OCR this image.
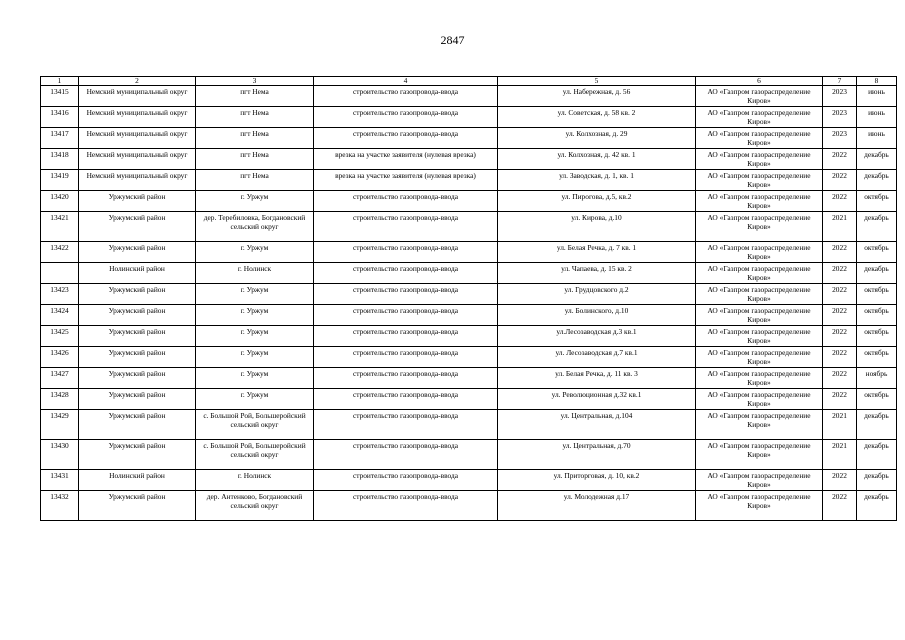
2847
1	2	3	4	5	6	7	8
13415	Немский муниципальный округ	пгт Нема	строительство газопровода-ввода	ул. Набережная, д. 56	АО «Газпром газораспределение Киров»	2023	июнь
13416	Немский муниципальный округ	пгт Нема	строительство газопровода-ввода	ул. Советская, д. 58 кв. 2	АО «Газпром газораспределение Киров»	2023	июнь
13417	Немский муниципальный округ	пгт Нема	строительство газопровода-ввода	ул. Колхозная, д. 29	АО «Газпром газораспределение Киров»	2023	июнь
13418	Немский муниципальный округ	пгт Нема	врезка на участке заявителя (нулевая врезка)	ул. Колхозная, д. 42 кв. 1	АО «Газпром газораспределение Киров»	2022	декабрь
13419	Немский муниципальный округ	пгт Нема	врезка на участке заявителя (нулевая врезка)	ул. Заводская, д. 1, кв. 1	АО «Газпром газораспределение Киров»	2022	декабрь
13420	Уржумский район	г. Уржум	строительство газопровода-ввода	ул. Пирогова, д.5, кв.2	АО «Газпром газораспределение Киров»	2022	октябрь
13421	Уржумский район	дер. Теребиловка, Богдановский сельский округ	строительство газопровода-ввода	ул. Кирова, д.10	АО «Газпром газораспределение Киров»	2021	декабрь
13422	Уржумский район	г. Уржум	строительство газопровода-ввода	ул. Белая Речка, д. 7 кв. 1	АО «Газпром газораспределение Киров»	2022	октябрь
	Нолинский район	г. Нолинск	строительство газопровода-ввода	ул. Чапаева, д. 15 кв. 2	АО «Газпром газораспределение Киров»	2022	декабрь
13423	Уржумский район	г. Уржум	строительство газопровода-ввода	ул. Грудцовского д.2	АО «Газпром газораспределение Киров»	2022	октябрь
13424	Уржумский район	г. Уржум	строительство газопровода-ввода	ул. Болинского, д.10	АО «Газпром газораспределение Киров»	2022	октябрь
13425	Уржумский район	г. Уржум	строительство газопровода-ввода	ул.Лесозаводская д.3 кв.1	АО «Газпром газораспределение Киров»	2022	октябрь
13426	Уржумский район	г. Уржум	строительство газопровода-ввода	ул. Лесозаводская д.7 кв.1	АО «Газпром газораспределение Киров»	2022	октябрь
13427	Уржумский район	г. Уржум	строительство газопровода-ввода	ул. Белая Речка, д. 11 кв. 3	АО «Газпром газораспределение Киров»	2022	ноябрь
13428	Уржумский район	г. Уржум	строительство газопровода-ввода	ул. Революционная д.32 кв.1	АО «Газпром газораспределение Киров»	2022	октябрь
13429	Уржумский район	с. Большой Рой, Большеройский сельский округ	строительство газопровода-ввода	ул. Центральная, д.104	АО «Газпром газораспределение Киров»	2021	декабрь
13430	Уржумский район	с. Большой Рой, Большеройский сельский округ	строительство газопровода-ввода	ул. Центральная, д.70	АО «Газпром газораспределение Киров»	2021	декабрь
13431	Нолинский район	г. Нолинск	строительство газопровода-ввода	ул. Приторговая, д. 10, кв.2	АО «Газпром газораспределение Киров»	2022	декабрь
13432	Уржумский район	дер. Антенково, Богдановский сельский округ	строительство газопровода-ввода	ул. Молодежная д.17	АО «Газпром газораспределение Киров»	2022	декабрь
